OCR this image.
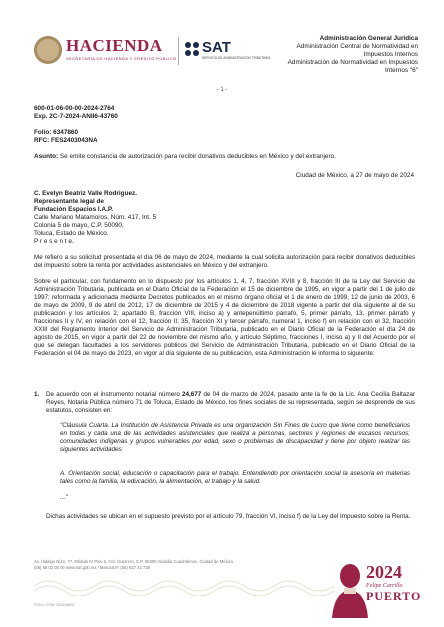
HACIENDA
SECRETARÍA DE HACIENDA Y CRÉDITO PÚBLICO
SAT
SERVICIO DE ADMINISTRACIÓN TRIBUTARIA
Administración General Jurídica
Administración Central de Normatividad en
Impuestos Internos
Administración de Normatividad en Impuestos
Internos "6"
- 1 -
600-01-06-00-00-2024-2764
Exp. 2C-7-2024-ANII6-43760
Folio: 6347860
RFC: FES2403043NA
Asunto: Se emite constancia de autorización para recibir donativos deducibles en México y del extranjero.
Ciudad de México, a 27 de mayo de 2024
C. Evelyn Beatriz Valle Rodriguez.
Representante legal de
Fundación Espacios I.A.P.
Calle Mariano Matamoros, Núm. 417, Int. 5
Colonia 5 de mayo, C.P. 50090,
Toluca, Estado de México.
P r e s e n t e.
Me refiero a su solicitud presentada el día 06 de mayo de 2024, mediante la cual solicita autorización para recibir donativos deducibles del impuesto sobre la renta por actividades asistenciales en México y del extranjero.
Sobre el particular, con fundamento en lo dispuesto por los artículos 1, 4, 7, fracción XVIII y 8, fracción III de la Ley del Servicio de Administración Tributaria, publicada en el Diario Oficial de la Federación el 15 de diciembre de 1995, en vigor a partir del 1 de julio de 1997; reformada y adicionada mediante Decretos publicados en el mismo órgano oficial el 1 de enero de 1999, 12 de junio de 2003, 6 de mayo de 2009, 9 de abril de 2012, 17 de diciembre de 2015 y 4 de diciembre de 2018 vigente a partir del día siguiente al de su publicación y los artículos 2, apartado B, fracción VIII, inciso a) y antepenúltimo párrafo, 5, primer párrafo, 13, primer párrafo y fracciones II y IV, en relación con el 12, fracción II; 35, fracción XI y tercer párrafo, numeral 1, inciso f) en relación con el 32, fracción XXIII del Reglamento Interior del Servicio de Administración Tributaria, publicado en el Diario Oficial de la Federación el día 24 de agosto de 2015, en vigor a partir del 22 de noviembre del mismo año, y artículo Séptimo, fracciones I, inciso a) y II del Acuerdo por el que se delegan facultades a los servidores públicos del Servicio de Administración Tributaria, publicado en el Diario Oficial de la Federación el 04 de mayo de 2023, en vigor al día siguiente de su publicación, esta Administración le informa lo siguiente:
1. De acuerdo con el instrumento notarial número 24,677 de 04 de marzo de 2024, pasado ante la fe de la Lic. Ana Cecilia Baltazar Reyes, Notaria Pública número 71 de Toluca, Estado de México, los fines sociales de su representada, según se desprende de sus estatutos, consisten en:
"Cláusula Cuarta. La Institución de Asistencia Privada es una organización Sin Fines de Lucro que tiene como beneficiarios en todas y cada una de las actividades asistenciales que realiza a personas, sectores y regiones de escasos recursos; comunidades indígenas y grupos vulnerables por edad, sexo o problemas de discapacidad y tiene por objeto realizar las siguientes actividades:
A. Orientación social, educación o capacitación para el trabajo. Entendiendo por orientación social la asesoría en materias tales como la familia, la educación, la alimentación, el trabajo y la salud.
..."
Dichas actividades se ubican en el supuesto previsto por el artículo 79, fracción VI, inciso f) de la Ley del Impuesto sobre la Renta.
Av. Hidalgo Núm. 77, Módulo IV Piso 6, Col. Guerrero, C.P. 06300 Alcaldía Cuauhtémoc, Ciudad de México.
(55) 58 02 00 00 www.sat.gob.mx / MarcaSAT (55) 627 22 728
ISSU: CON 2024M626
2024
Felipe Carrillo
PUERTO
